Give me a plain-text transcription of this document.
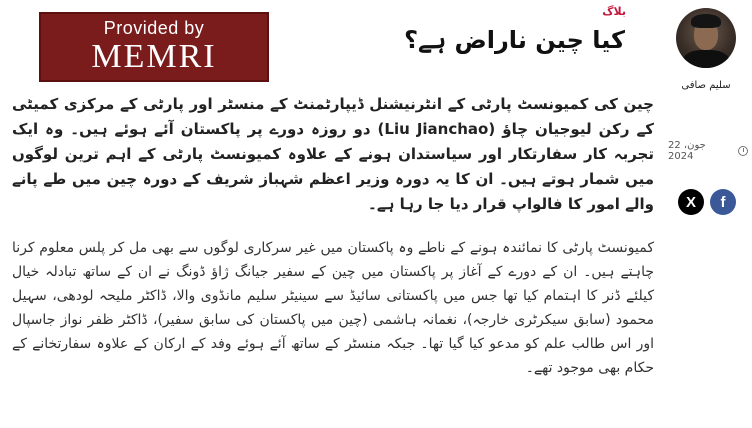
Provided by
MEMRI
سلیم صافی
بلاگ
کیا چین ناراض ہے؟
22 جون، 2024
X	f

چین کی کمیونسٹ پارٹی کے انٹرنیشنل ڈیپارٹمنٹ کے منسٹر اور پارٹی کے مرکزی کمیٹی کے رکن لیوجیان چاؤ (Liu Jianchao) دو روزہ دورے پر پاکستان آئے ہوئے ہیں۔ وہ ایک تجربہ کار سفارتکار اور سیاستدان ہونے کے علاوہ کمیونسٹ پارٹی کے اہم ترین لوگوں میں شمار ہوتے ہیں۔ ان کا یہ دورہ وزیر اعظم شہباز شریف کے دورہ چین میں طے پانے والے امور کا فالواپ قرار دیا جا رہا ہے۔

کمیونسٹ پارٹی کا نمائندہ ہونے کے ناطے وہ پاکستان میں غیر سرکاری لوگوں سے بھی مل کر پلس معلوم کرنا چاہتے ہیں۔ ان کے دورے کے آغاز پر پاکستان میں چین کے سفیر جیانگ ژاؤ ڈونگ نے ان کے ساتھ تبادلہ خیال کیلئے ڈنر کا اہتمام کیا تھا جس میں پاکستانی سائیڈ سے سینیٹر سلیم مانڈوی والا، ڈاکٹر ملیحہ لودھی، سہیل محمود (سابق سیکرٹری خارجہ)، نغمانہ ہاشمی (چین میں پاکستان کی سابق سفیر)، ڈاکٹر ظفر نواز جاسپال اور اس طالب علم کو مدعو کیا گیا تھا۔ جبکہ منسٹر کے ساتھ آئے ہوئے وفد کے ارکان کے علاوہ سفارتخانے کے حکام بھی موجود تھے۔
